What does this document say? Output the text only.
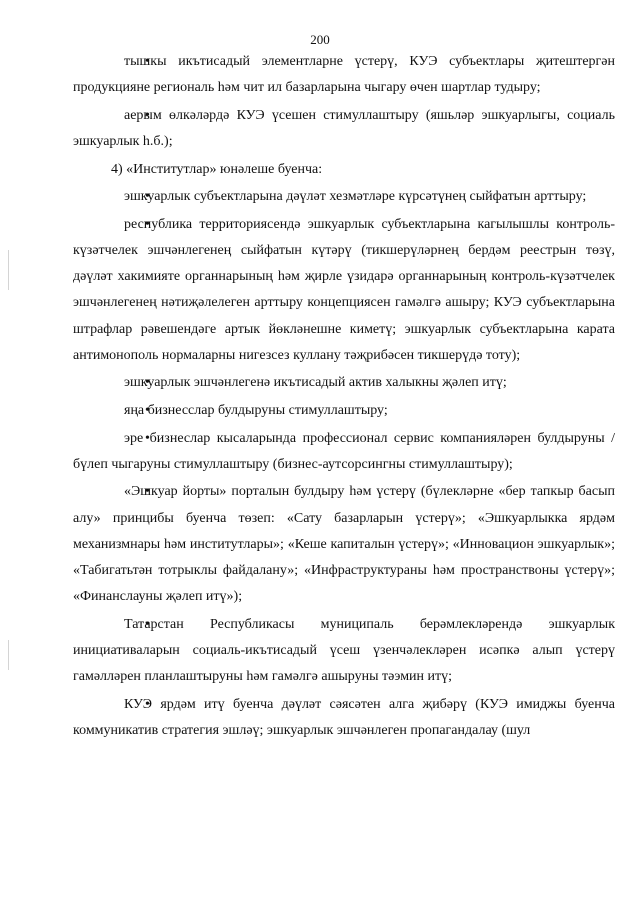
200

• тышкы икътисадый элементларне үстерү, КУЭ субъектлары җитештергән продукцияне региональ һәм чит ил базарларына чыгару өчен шартлар тудыру;

• аерым өлкәләрдә КУЭ үсешен стимуллаштыру (яшьләр эшкуарлыгы, социаль эшкуарлык һ.б.);

4) «Институтлар» юнәлеше буенча:

• эшкуарлык субъектларына дәүләт хезмәтләре күрсәтүнең сыйфатын арттыру;

• республика территориясендә эшкуарлык субъектларына кагылышлы контроль-күзәтчелек эшчәнлегенең сыйфатын күтәрү (тикшерүләрнең бердәм реестрын төзү, дәүләт хакимияте органнарының һәм җирле үзидарә органнарының контроль-күзәтчелек эшчәнлегенең нәтиҗәлелеген арттыру концепциясен гамәлгә ашыру; КУЭ субъектларына штрафлар рәвешендәге артык йөкләнешне киметү; эшкуарлык субъектларына карата антимонополь нормаларны нигезсез куллану тәҗрибәсен тикшерүдә тоту);

• эшкуарлык эшчәнлегенә икътисадый актив халыкны җәлеп итү;

• яңа бизнесслар булдыруны стимуллаштыру;

• эре бизнеслар кысаларында профессионал сервис компанияләрен булдыруны / бүлеп чыгаруны стимуллаштыру (бизнес-аутсорсингны стимуллаштыру);

• «Эшкуар йорты» порталын булдыру һәм үстерү (бүлекләрне «бер тапкыр басып алу» принцибы буенча төзеп: «Сату базарларын үстерү»; «Эшкуарлыкка ярдәм механизмнары һәм институтлары»; «Кеше капиталын үстерү»; «Инновацион эшкуарлык»; «Табигатьтән тотрыклы файдалану»; «Инфраструктураны һәм пространствоны үстерү»; «Финанслауны җәлеп итү»);

• Татарстан Республикасы муниципаль берәмлекләрендә эшкуарлык инициативаларын социаль-икътисадый үсеш үзенчәлекләрен исәпкә алып үстерү гамәлләрен планлаштыруны һәм гамәлгә ашыруны тәэмин итү;

• КУЭ ярдәм итү буенча дәүләт сәясәтен алга җибәрү (КУЭ имиджы буенча коммуникатив стратегия эшләү; эшкуарлык эшчәнлеген пропагандалау (шул
